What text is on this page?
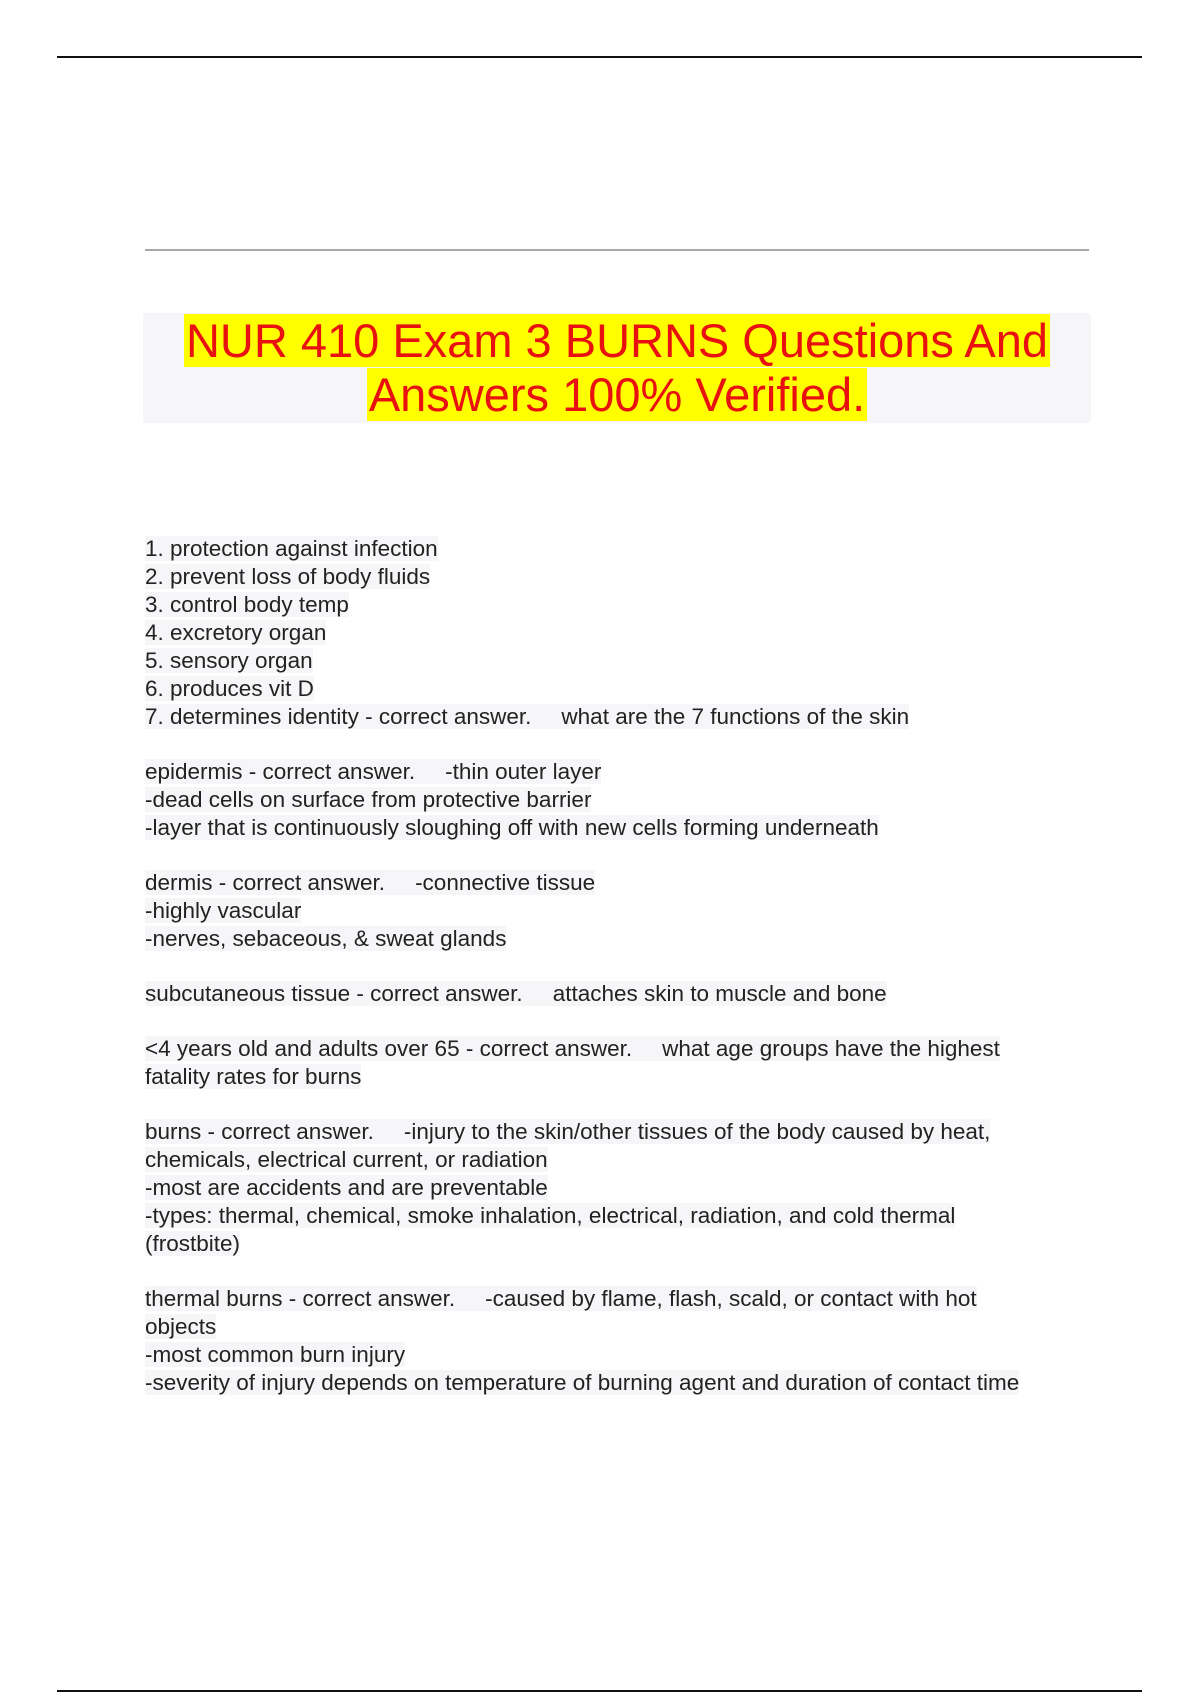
NUR 410 Exam 3 BURNS Questions And
Answers 100% Verified.
1. protection against infection
2. prevent loss of body fluids
3. control body temp
4. excretory organ
5. sensory organ
6. produces vit D
7. determines identity - correct answer. what are the 7 functions of the skin
epidermis - correct answer. -thin outer layer
-dead cells on surface from protective barrier
-layer that is continuously sloughing off with new cells forming underneath
dermis - correct answer. -connective tissue
-highly vascular
-nerves, sebaceous, & sweat glands
subcutaneous tissue - correct answer. attaches skin to muscle and bone
<4 years old and adults over 65 - correct answer. what age groups have the highest
fatality rates for burns
burns - correct answer. -injury to the skin/other tissues of the body caused by heat,
chemicals, electrical current, or radiation
-most are accidents and are preventable
-types: thermal, chemical, smoke inhalation, electrical, radiation, and cold thermal
(frostbite)
thermal burns - correct answer. -caused by flame, flash, scald, or contact with hot
objects
-most common burn injury
-severity of injury depends on temperature of burning agent and duration of contact time
